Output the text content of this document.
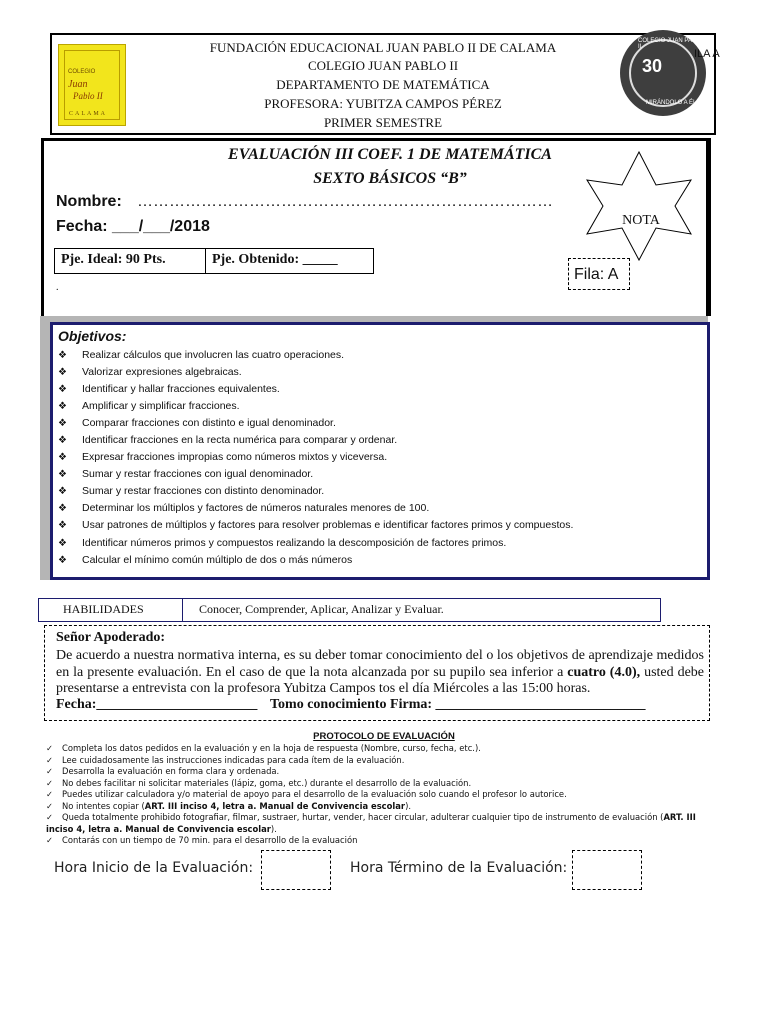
COLEGIO
Juan
Pablo II
CALAMA
FUNDACIÓN EDUCACIONAL JUAN PABLO II DE CALAMA
COLEGIO JUAN PABLO II
DEPARTAMENTO DE MATEMÁTICA
PROFESORA: YUBITZA CAMPOS PÉREZ
PRIMER SEMESTRE
COLEGIO JUAN PABLO II
30
MIRÁNDOLO A ÉL
ILA A
EVALUACIÓN III COEF. 1 DE MATEMÁTICA
SEXTO BÁSICOS “B”
Nombre: ……………………………………………………………………
Fecha: ___/___/2018
Pje. Ideal: 90 Pts.	Pje. Obtenido: _____
.
NOTA
Fila: A
Objetivos:
❖ Realizar cálculos que involucren las cuatro operaciones.
❖ Valorizar expresiones algebraicas.
❖ Identificar y hallar fracciones equivalentes.
❖ Amplificar y simplificar fracciones.
❖ Comparar fracciones con distinto e igual denominador.
❖ Identificar fracciones en la recta numérica para comparar y ordenar.
❖ Expresar fracciones impropias como números mixtos y viceversa.
❖ Sumar y restar fracciones con igual denominador.
❖ Sumar y restar fracciones con distinto denominador.
❖ Determinar los múltiplos y factores de números naturales menores de 100.
❖ Usar patrones de múltiplos y factores para resolver problemas e identificar factores primos y compuestos.
❖ Identificar números primos y compuestos realizando la descomposición de factores primos.
❖ Calcular el mínimo común múltiplo de dos o más números
HABILIDADES	Conocer, Comprender, Aplicar, Analizar y Evaluar.
Señor Apoderado:
De acuerdo a nuestra normativa interna, es su deber tomar conocimiento del o los objetivos de aprendizaje medidos en la presente evaluación. En el caso de que la nota alcanzada por su pupilo sea inferior a cuatro (4.0), usted debe presentarse a entrevista con la profesora Yubitza Campos tos el día Miércoles a las 15:00 horas.
Fecha:_______________________ Tomo conocimiento Firma: ______________________________
PROTOCOLO DE EVALUACIÓN
✓ Completa los datos pedidos en la evaluación y en la hoja de respuesta (Nombre, curso, fecha, etc.).
✓ Lee cuidadosamente las instrucciones indicadas para cada ítem de la evaluación.
✓ Desarrolla la evaluación en forma clara y ordenada.
✓ No debes facilitar ni solicitar materiales (lápiz, goma, etc.) durante el desarrollo de la evaluación.
✓ Puedes utilizar calculadora y/o material de apoyo para el desarrollo de la evaluación solo cuando el profesor lo autorice.
✓ No intentes copiar (ART. III inciso 4, letra a. Manual de Convivencia escolar).
✓ Queda totalmente prohibido fotografiar, filmar, sustraer, hurtar, vender, hacer circular, adulterar cualquier tipo de instrumento de evaluación (ART. III inciso 4, letra a. Manual de Convivencia escolar).
✓ Contarás con un tiempo de 70 min. para el desarrollo de la evaluación
Hora Inicio de la Evaluación:	Hora Término de la Evaluación:
